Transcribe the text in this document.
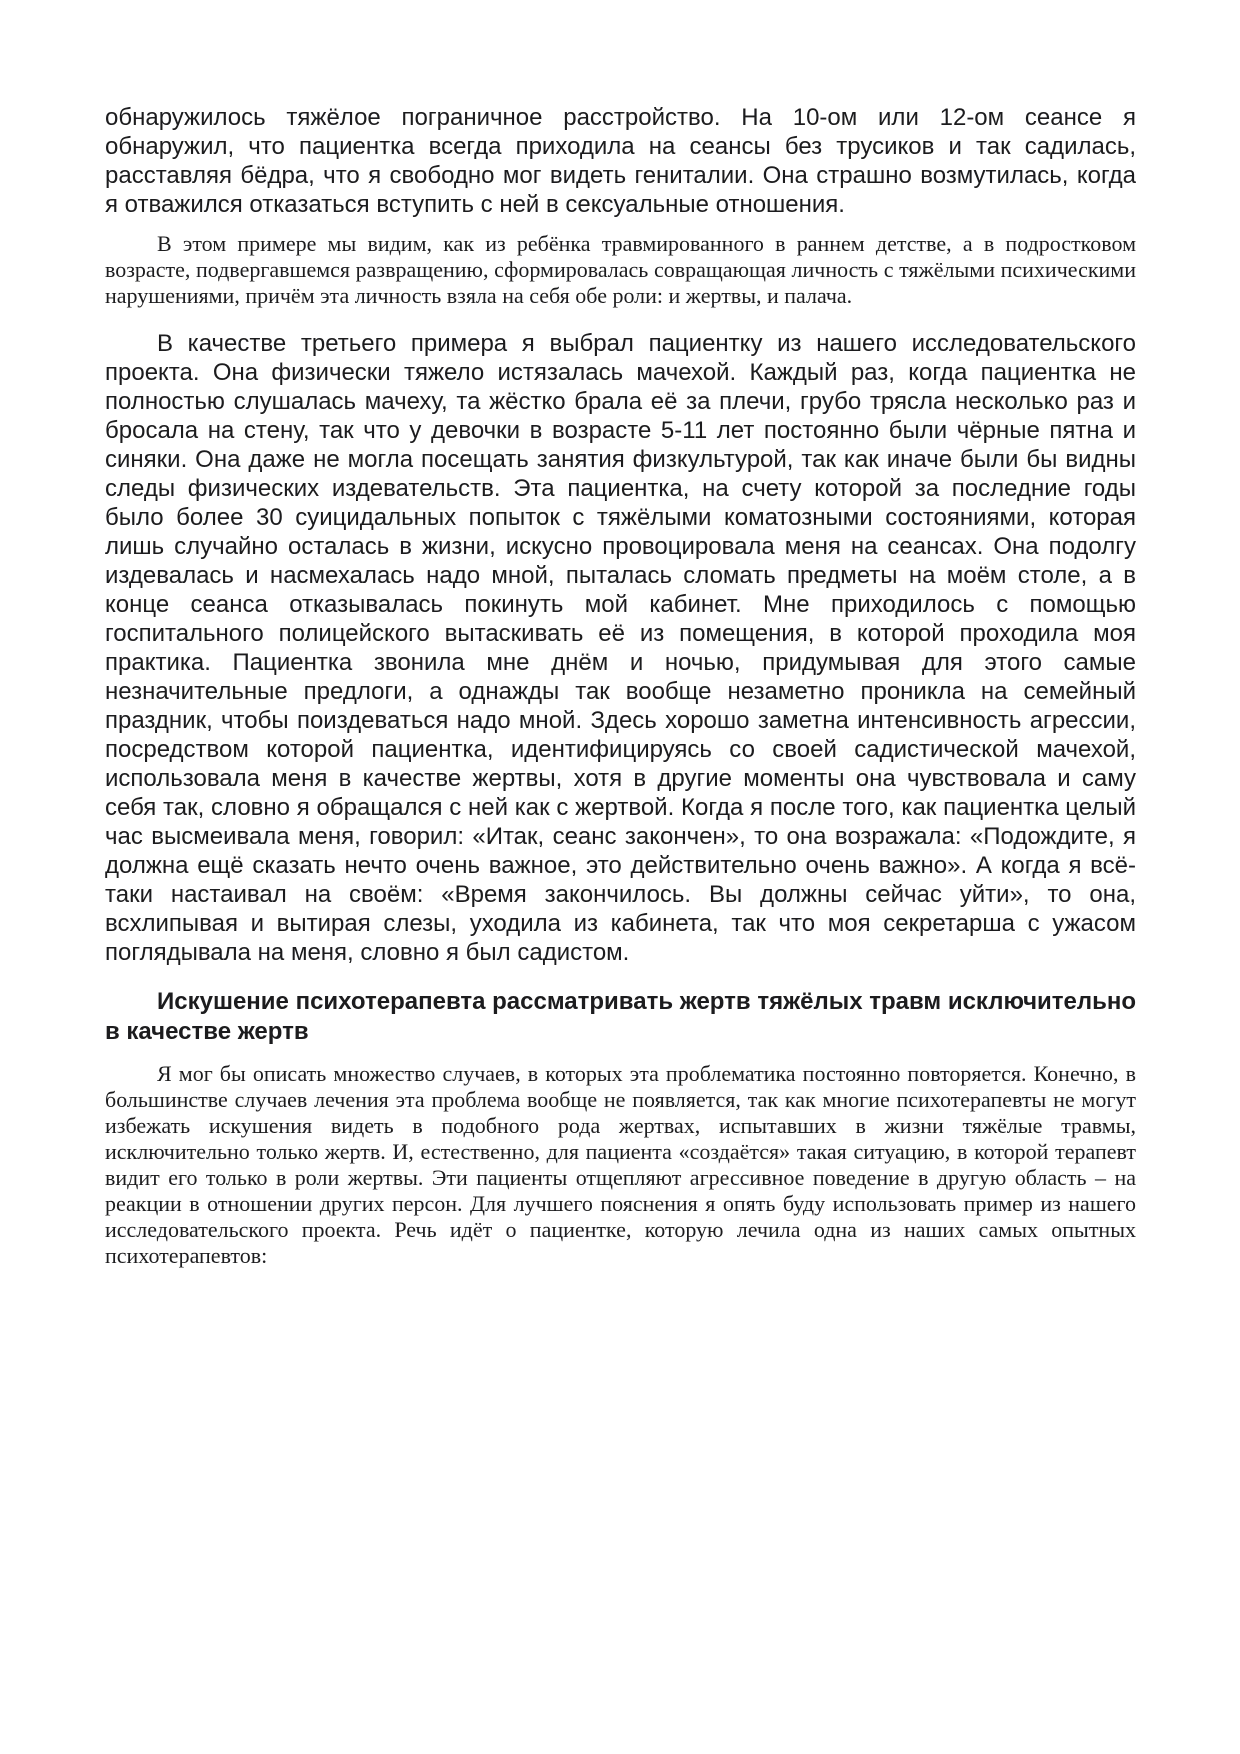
обнаружилось тяжёлое пограничное расстройство. На 10-ом или 12-ом сеансе я обнаружил, что пациентка всегда приходила на сеансы без трусиков и так садилась, расставляя бёдра, что я свободно мог видеть гениталии. Она страшно возмутилась, когда я отважился отказаться вступить с ней в сексуальные отношения.

В этом примере мы видим, как из ребёнка травмированного в раннем детстве, а в подростковом возрасте, подвергавшемся развращению, сформировалась совращающая личность с тяжёлыми психическими нарушениями, причём эта личность взяла на себя обе роли: и жертвы, и палача.

В качестве третьего примера я выбрал пациентку из нашего исследовательского проекта. Она физически тяжело истязалась мачехой. Каждый раз, когда пациентка не полностью слушалась мачеху, та жёстко брала её за плечи, грубо трясла несколько раз и бросала на стену, так что у девочки в возрасте 5-11 лет постоянно были чёрные пятна и синяки. Она даже не могла посещать занятия физкультурой, так как иначе были бы видны следы физических издевательств. Эта пациентка, на счету которой за последние годы было более 30 суицидальных попыток с тяжёлыми коматозными состояниями, которая лишь случайно осталась в жизни, искусно провоцировала меня на сеансах. Она подолгу издевалась и насмехалась надо мной, пыталась сломать предметы на моём столе, а в конце сеанса отказывалась покинуть мой кабинет. Мне приходилось с помощью госпитального полицейского вытаскивать её из помещения, в которой проходила моя практика. Пациентка звонила мне днём и ночью, придумывая для этого самые незначительные предлоги, а однажды так вообще незаметно проникла на семейный праздник, чтобы поиздеваться надо мной. Здесь хорошо заметна интенсивность агрессии, посредством которой пациентка, идентифицируясь со своей садистической мачехой, использовала меня в качестве жертвы, хотя в другие моменты она чувствовала и саму себя так, словно я обращался с ней как с жертвой. Когда я после того, как пациентка целый час высмеивала меня, говорил: «Итак, сеанс закончен», то она возражала: «Подождите, я должна ещё сказать нечто очень важное, это действительно очень важно». А когда я всё-таки настаивал на своём: «Время закончилось. Вы должны сейчас уйти», то она, всхлипывая и вытирая слезы, уходила из кабинета, так что моя секретарша с ужасом поглядывала на меня, словно я был садистом.

Искушение психотерапевта рассматривать жертв тяжёлых травм исключительно в качестве жертв

Я мог бы описать множество случаев, в которых эта проблематика постоянно повторяется. Конечно, в большинстве случаев лечения эта проблема вообще не появляется, так как многие психотерапевты не могут избежать искушения видеть в подобного рода жертвах, испытавших в жизни тяжёлые травмы, исключительно только жертв. И, естественно, для пациента «создаётся» такая ситуацию, в которой терапевт видит его только в роли жертвы. Эти пациенты отщепляют агрессивное поведение в другую область – на реакции в отношении других персон. Для лучшего пояснения я опять буду использовать пример из нашего исследовательского проекта. Речь идёт о пациентке, которую лечила одна из наших самых опытных психотерапевтов:
